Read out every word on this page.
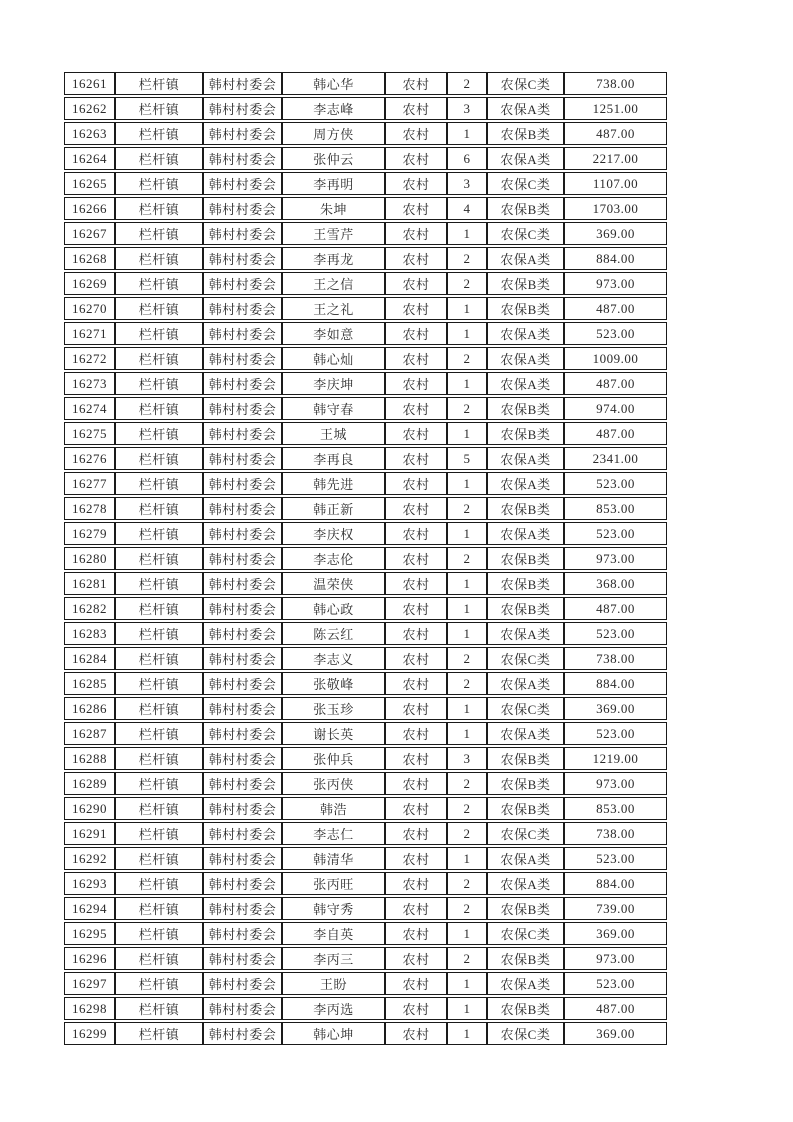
16261	栏杆镇	韩村村委会	韩心华	农村	2	农保C类	738.00
16262	栏杆镇	韩村村委会	李志峰	农村	3	农保A类	1251.00
16263	栏杆镇	韩村村委会	周方侠	农村	1	农保B类	487.00
16264	栏杆镇	韩村村委会	张仲云	农村	6	农保A类	2217.00
16265	栏杆镇	韩村村委会	李再明	农村	3	农保C类	1107.00
16266	栏杆镇	韩村村委会	朱坤	农村	4	农保B类	1703.00
16267	栏杆镇	韩村村委会	王雪芹	农村	1	农保C类	369.00
16268	栏杆镇	韩村村委会	李再龙	农村	2	农保A类	884.00
16269	栏杆镇	韩村村委会	王之信	农村	2	农保B类	973.00
16270	栏杆镇	韩村村委会	王之礼	农村	1	农保B类	487.00
16271	栏杆镇	韩村村委会	李如意	农村	1	农保A类	523.00
16272	栏杆镇	韩村村委会	韩心灿	农村	2	农保A类	1009.00
16273	栏杆镇	韩村村委会	李庆坤	农村	1	农保A类	487.00
16274	栏杆镇	韩村村委会	韩守春	农村	2	农保B类	974.00
16275	栏杆镇	韩村村委会	王城	农村	1	农保B类	487.00
16276	栏杆镇	韩村村委会	李再良	农村	5	农保A类	2341.00
16277	栏杆镇	韩村村委会	韩先进	农村	1	农保A类	523.00
16278	栏杆镇	韩村村委会	韩正新	农村	2	农保B类	853.00
16279	栏杆镇	韩村村委会	李庆权	农村	1	农保A类	523.00
16280	栏杆镇	韩村村委会	李志伦	农村	2	农保B类	973.00
16281	栏杆镇	韩村村委会	温荣侠	农村	1	农保B类	368.00
16282	栏杆镇	韩村村委会	韩心政	农村	1	农保B类	487.00
16283	栏杆镇	韩村村委会	陈云红	农村	1	农保A类	523.00
16284	栏杆镇	韩村村委会	李志义	农村	2	农保C类	738.00
16285	栏杆镇	韩村村委会	张敬峰	农村	2	农保A类	884.00
16286	栏杆镇	韩村村委会	张玉珍	农村	1	农保C类	369.00
16287	栏杆镇	韩村村委会	谢长英	农村	1	农保A类	523.00
16288	栏杆镇	韩村村委会	张仲兵	农村	3	农保B类	1219.00
16289	栏杆镇	韩村村委会	张丙侠	农村	2	农保B类	973.00
16290	栏杆镇	韩村村委会	韩浩	农村	2	农保B类	853.00
16291	栏杆镇	韩村村委会	李志仁	农村	2	农保C类	738.00
16292	栏杆镇	韩村村委会	韩清华	农村	1	农保A类	523.00
16293	栏杆镇	韩村村委会	张丙旺	农村	2	农保A类	884.00
16294	栏杆镇	韩村村委会	韩守秀	农村	2	农保B类	739.00
16295	栏杆镇	韩村村委会	李自英	农村	1	农保C类	369.00
16296	栏杆镇	韩村村委会	李丙三	农村	2	农保B类	973.00
16297	栏杆镇	韩村村委会	王盼	农村	1	农保A类	523.00
16298	栏杆镇	韩村村委会	李丙选	农村	1	农保B类	487.00
16299	栏杆镇	韩村村委会	韩心坤	农村	1	农保C类	369.00
